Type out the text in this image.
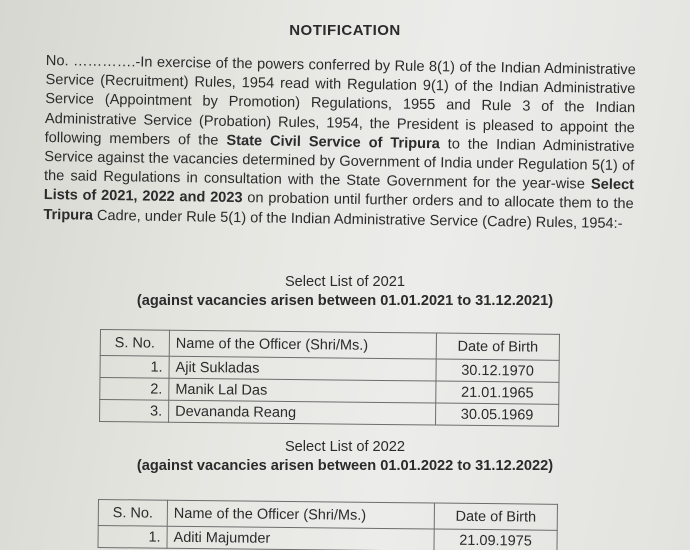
NOTIFICATION
No. ………….-In exercise of the powers conferred by Rule 8(1) of the Indian Administrative Service (Recruitment) Rules, 1954 read with Regulation 9(1) of the Indian Administrative Service (Appointment by Promotion) Regulations, 1955 and Rule 3 of the Indian Administrative Service (Probation) Rules, 1954, the President is pleased to appoint the following members of the State Civil Service of Tripura to the Indian Administrative Service against the vacancies determined by Government of India under Regulation 5(1) of the said Regulations in consultation with the State Government for the year-wise Select Lists of 2021, 2022 and 2023 on probation until further orders and to allocate them to the Tripura Cadre, under Rule 5(1) of the Indian Administrative Service (Cadre) Rules, 1954:-
Select List of 2021
(against vacancies arisen between 01.01.2021 to 31.12.2021)
S. No.	Name of the Officer (Shri/Ms.)	Date of Birth
1.	Ajit Sukladas	30.12.1970
2.	Manik Lal Das	21.01.1965
3.	Devananda Reang	30.05.1969
Select List of 2022
(against vacancies arisen between 01.01.2022 to 31.12.2022)
S. No.	Name of the Officer (Shri/Ms.)	Date of Birth
1.	Aditi Majumder	21.09.1975
